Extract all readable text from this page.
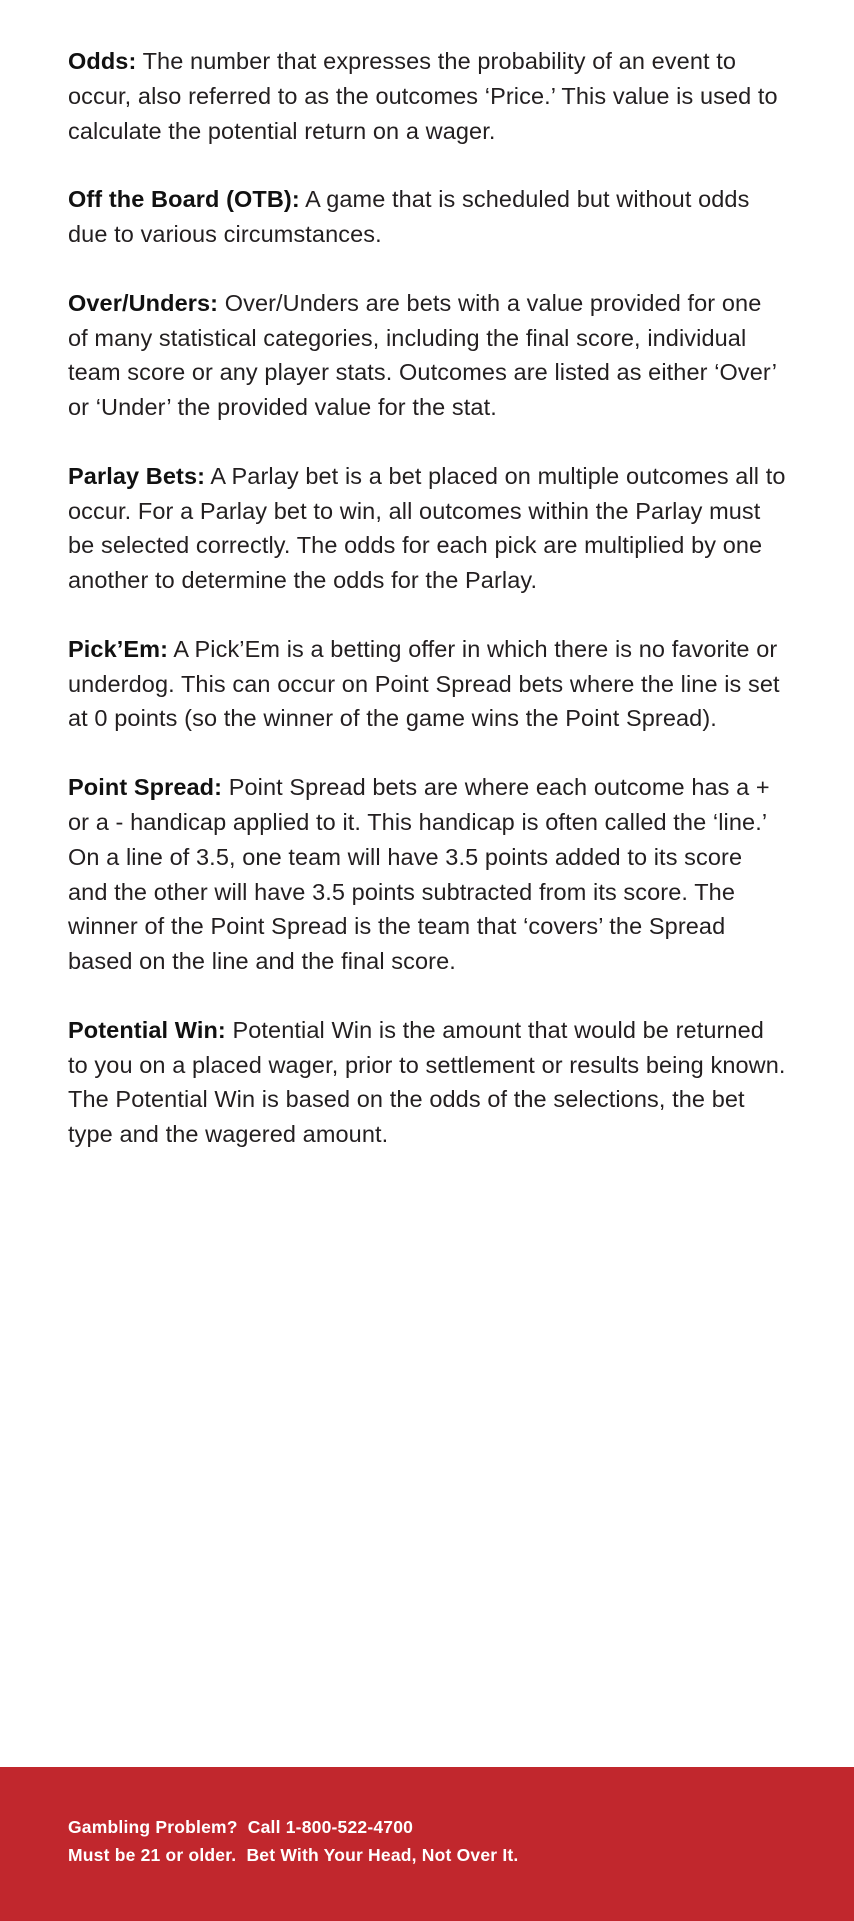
Odds: The number that expresses the probability of an event to occur, also referred to as the outcomes ‘Price.’ This value is used to calculate the potential return on a wager.

Off the Board (OTB): A game that is scheduled but without odds due to various circumstances.

Over/Unders: Over/Unders are bets with a value provided for one of many statistical categories, including the final score, individual team score or any player stats. Outcomes are listed as either ‘Over’ or ‘Under’ the provided value for the stat.

Parlay Bets: A Parlay bet is a bet placed on multiple outcomes all to occur. For a Parlay bet to win, all outcomes within the Parlay must be selected correctly. The odds for each pick are multiplied by one another to determine the odds for the Parlay.

Pick’Em: A Pick’Em is a betting offer in which there is no favorite or underdog. This can occur on Point Spread bets where the line is set at 0 points (so the winner of the game wins the Point Spread).

Point Spread: Point Spread bets are where each outcome has a + or a - handicap applied to it. This handicap is often called the ‘line.’ On a line of 3.5, one team will have 3.5 points added to its score and the other will have 3.5 points subtracted from its score. The winner of the Point Spread is the team that ‘covers’ the Spread based on the line and the final score.

Potential Win: Potential Win is the amount that would be returned to you on a placed wager, prior to settlement or results being known. The Potential Win is based on the odds of the selections, the bet type and the wagered amount.

Gambling Problem?  Call 1-800-522-4700
Must be 21 or older.  Bet With Your Head, Not Over It.
